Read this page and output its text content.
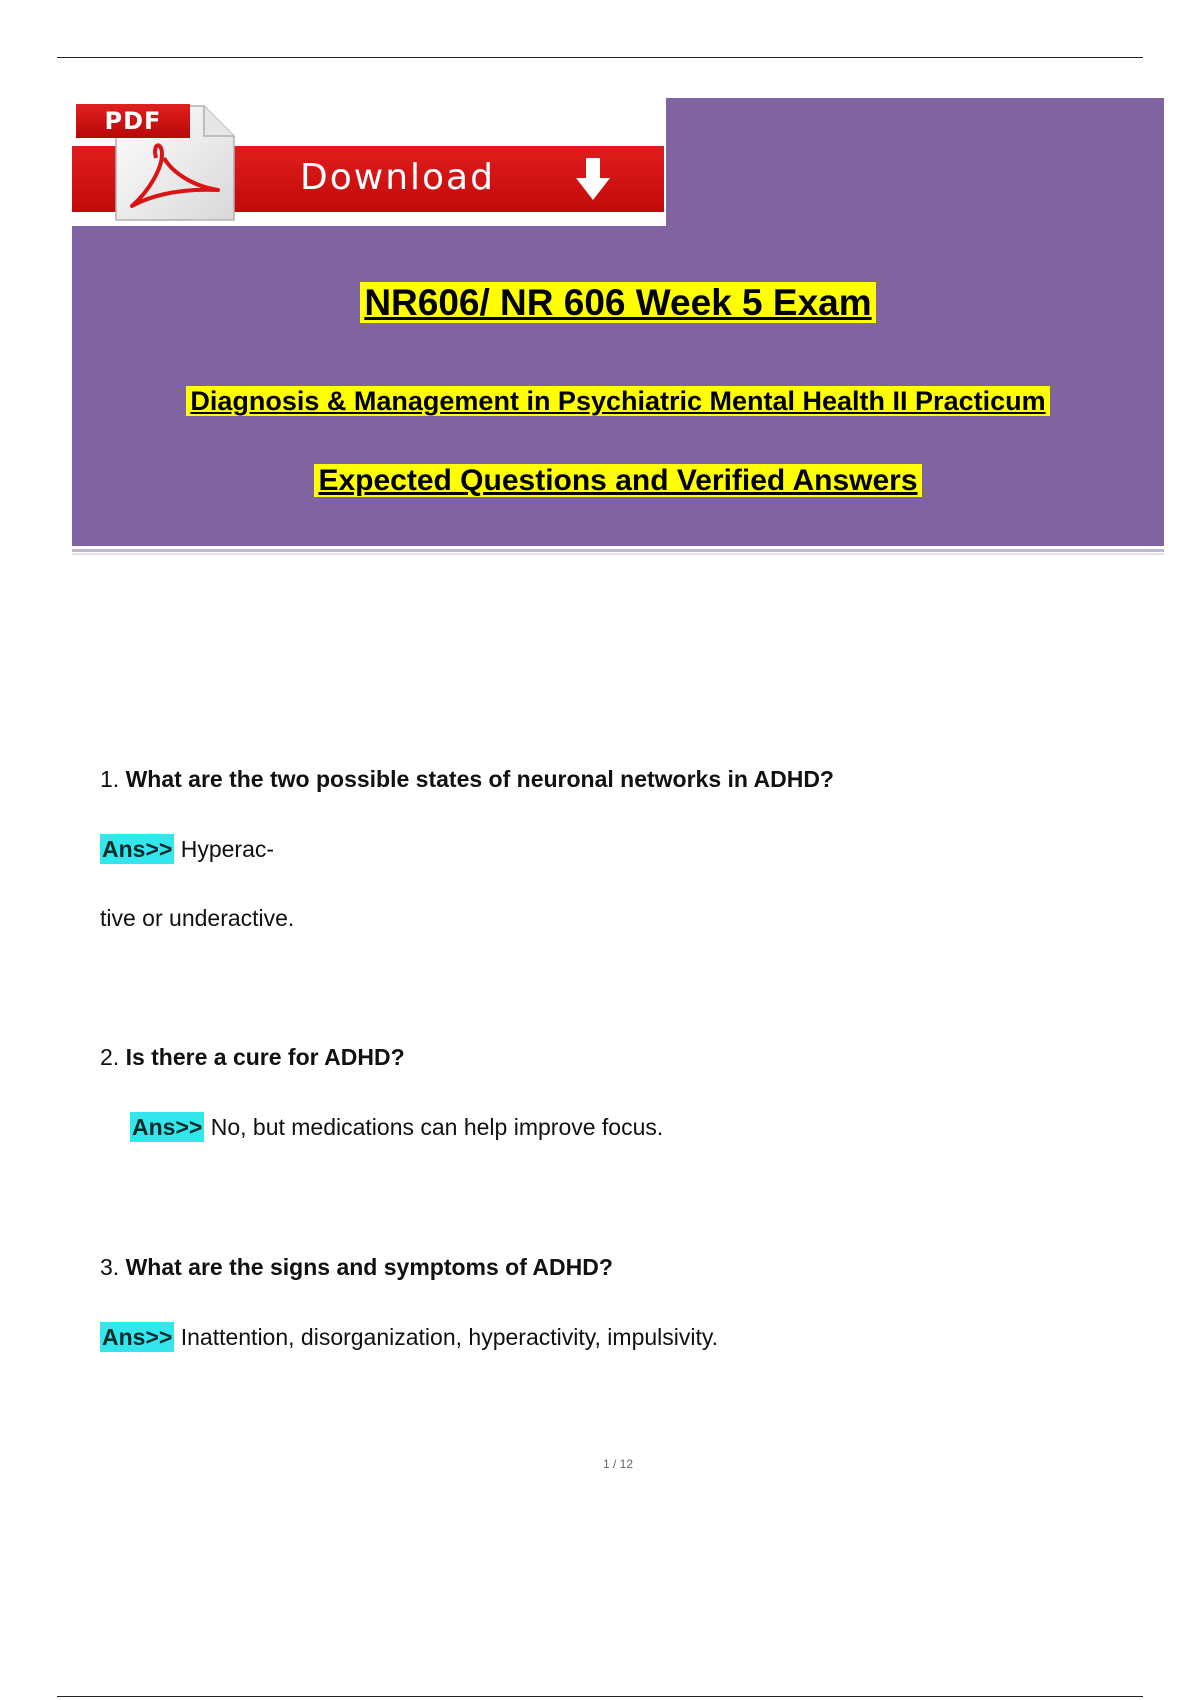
Download
PDF
NR606/ NR 606 Week 5 Exam
Diagnosis & Management in Psychiatric Mental Health II Practicum
Expected Questions and Verified Answers
1. What are the two possible states of neuronal networks in ADHD?
Ans>> Hyperac-
tive or underactive.
2. Is there a cure for ADHD?
Ans>> No, but medications can help improve focus.
3. What are the signs and symptoms of ADHD?
Ans>> Inattention, disorganization, hyperactivity, impulsivity.
1 / 12
